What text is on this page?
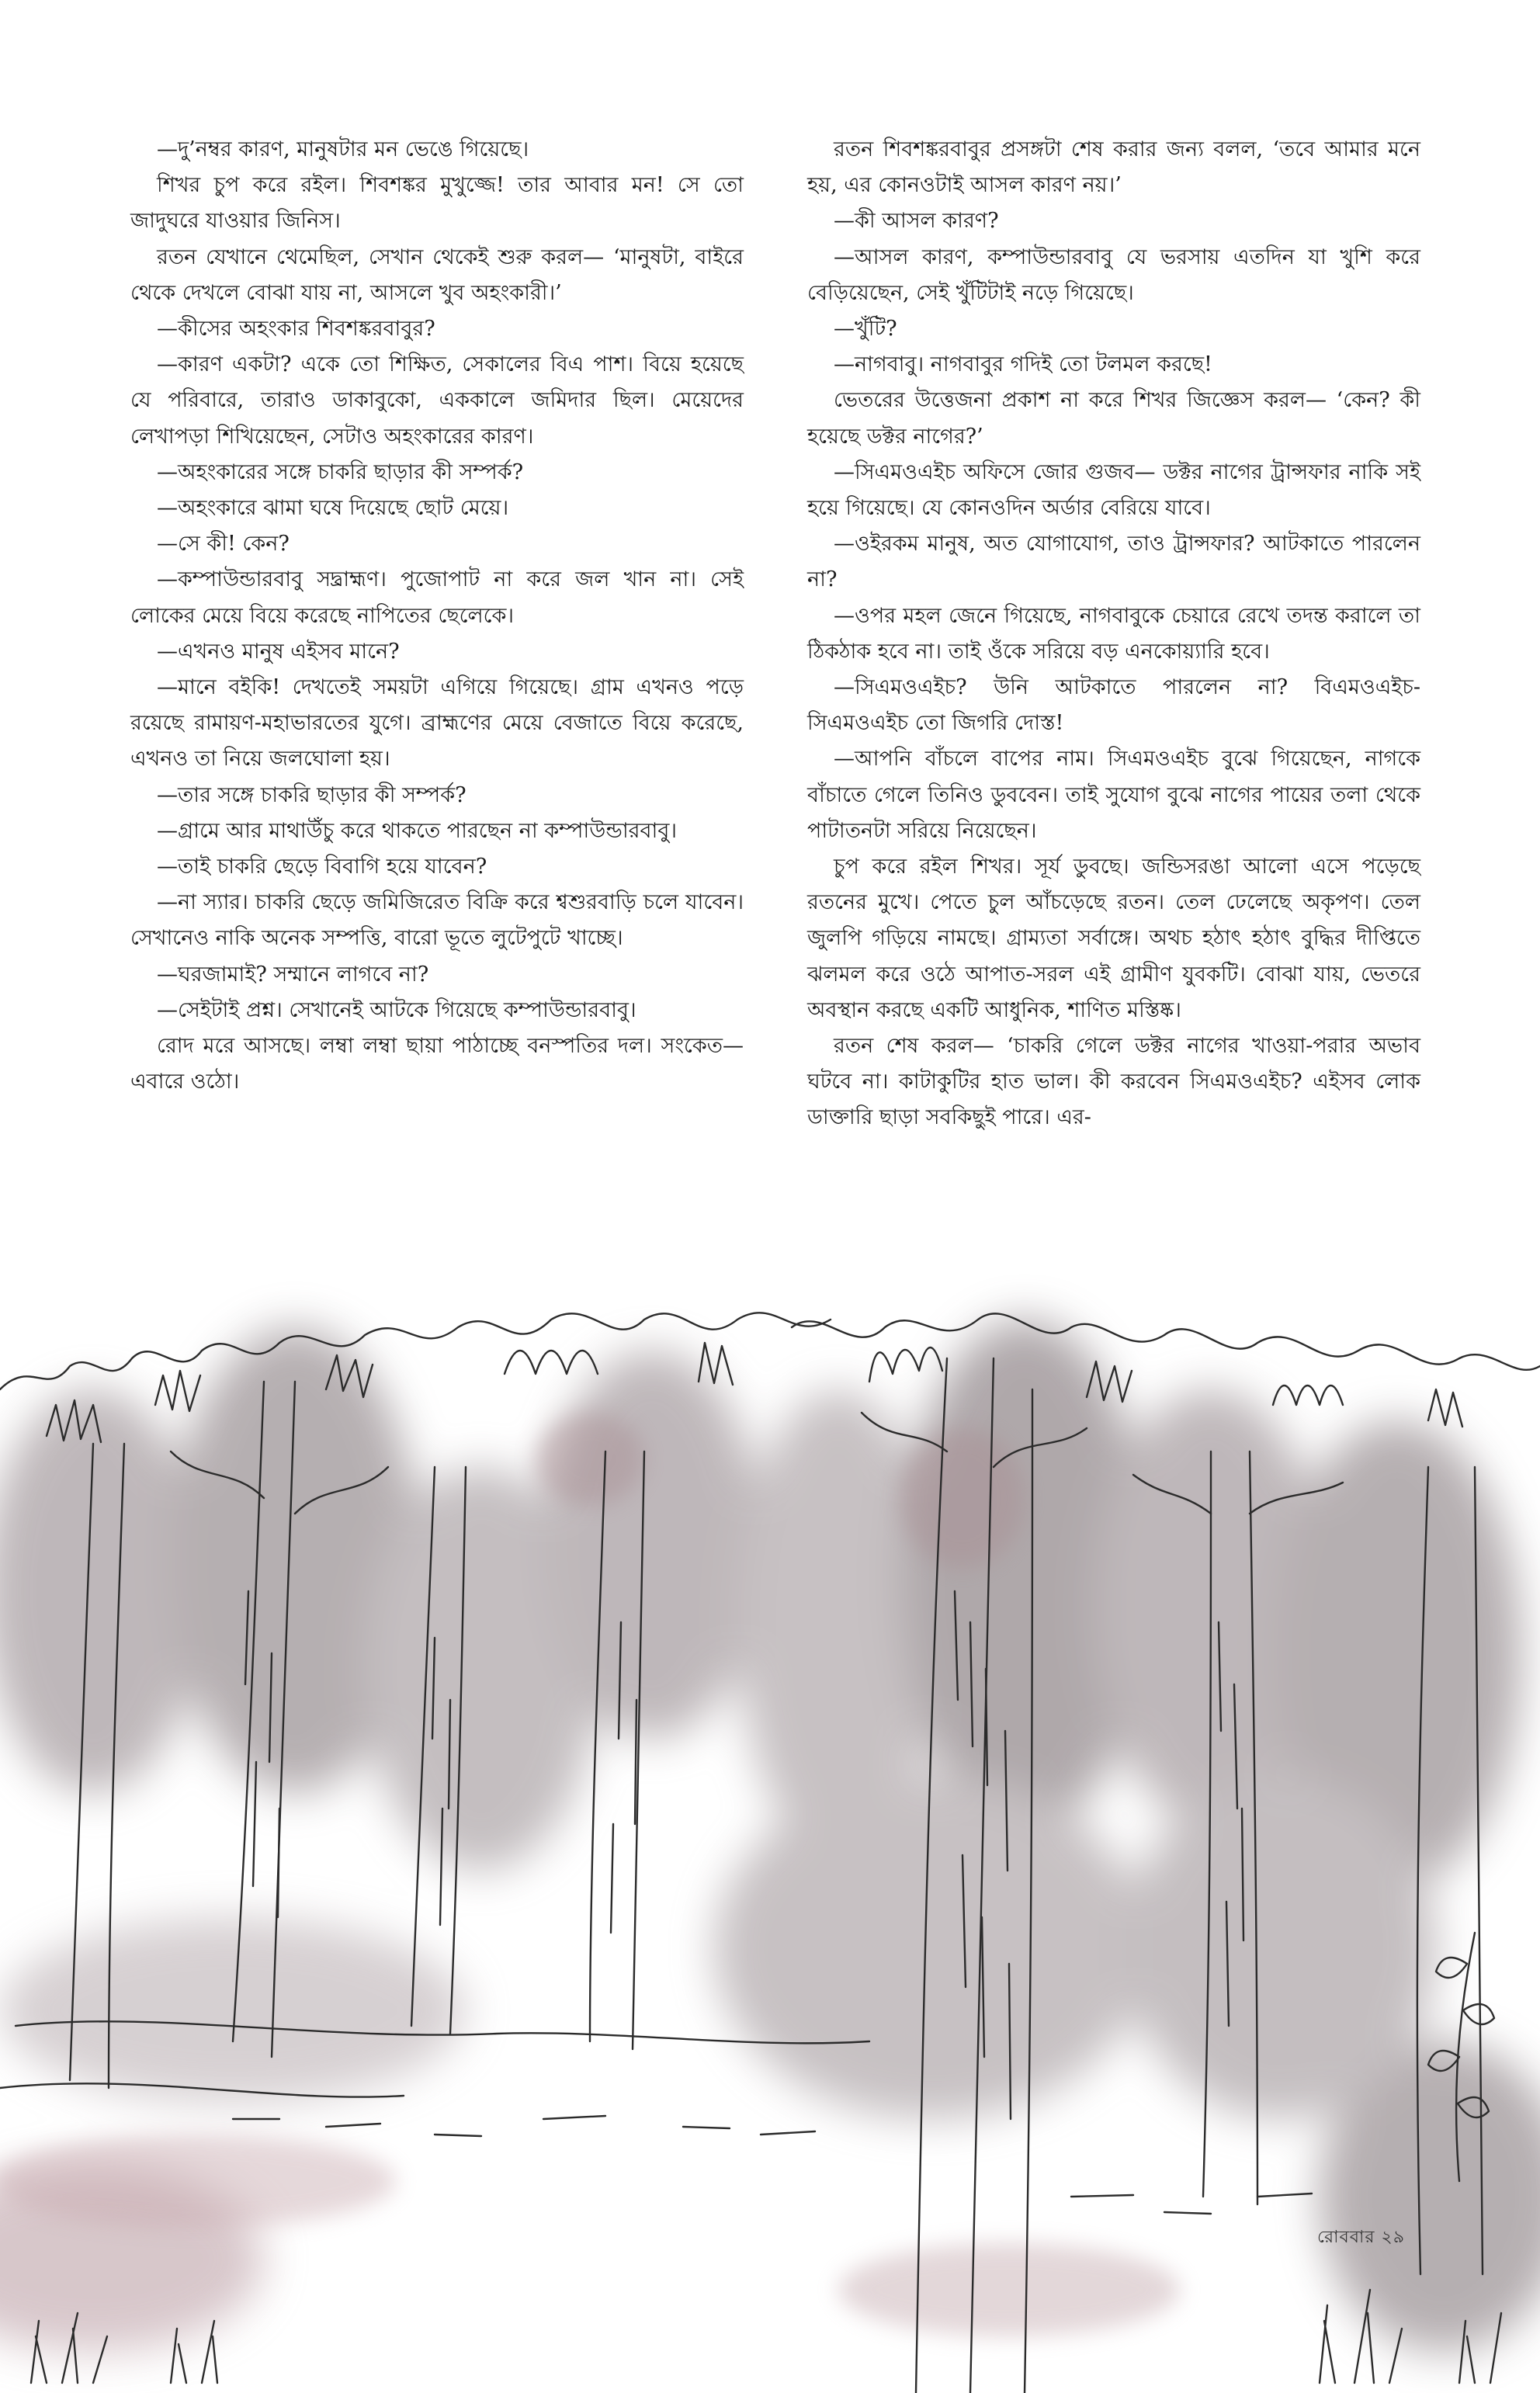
—দু’নম্বর কারণ, মানুষটার মন ভেঙে গিয়েছে।

শিখর চুপ করে রইল। শিবশঙ্কর মুখুজ্জে! তার আবার মন! সে তো জাদুঘরে যাওয়ার জিনিস।

রতন যেখানে থেমেছিল, সেখান থেকেই শুরু করল— ‘মানুষটা, বাইরে থেকে দেখলে বোঝা যায় না, আসলে খুব অহংকারী।’

—কীসের অহংকার শিবশঙ্করবাবুর?

—কারণ একটা? একে তো শিক্ষিত, সেকালের বিএ পাশ। বিয়ে হয়েছে যে পরিবারে, তারাও ডাকাবুকো, এককালে জমিদার ছিল। মেয়েদের লেখাপড়া শিখিয়েছেন, সেটাও অহংকারের কারণ।

—অহংকারের সঙ্গে চাকরি ছাড়ার কী সম্পর্ক?

—অহংকারে ঝামা ঘষে দিয়েছে ছোট মেয়ে।

—সে কী! কেন?

—কম্পাউন্ডারবাবু সদ্ব্রাহ্মণ। পুজোপাট না করে জল খান না। সেই লোকের মেয়ে বিয়ে করেছে নাপিতের ছেলেকে।

—এখনও মানুষ এইসব মানে?

—মানে বইকি! দেখতেই সময়টা এগিয়ে গিয়েছে। গ্রাম এখনও পড়ে রয়েছে রামায়ণ-মহাভারতের যুগে। ব্রাহ্মণের মেয়ে বেজাতে বিয়ে করেছে, এখনও তা নিয়ে জলঘোলা হয়।

—তার সঙ্গে চাকরি ছাড়ার কী সম্পর্ক?

—গ্রামে আর মাথাউঁচু করে থাকতে পারছেন না কম্পাউন্ডারবাবু।

—তাই চাকরি ছেড়ে বিবাগি হয়ে যাবেন?

—না স্যার। চাকরি ছেড়ে জমিজিরেত বিক্রি করে শ্বশুরবাড়ি চলে যাবেন। সেখানেও নাকি অনেক সম্পত্তি, বারো ভূতে লুটেপুটে খাচ্ছে।

—ঘরজামাই? সম্মানে লাগবে না?

—সেইটাই প্রশ্ন। সেখানেই আটকে গিয়েছে কম্পাউন্ডারবাবু।

রোদ মরে আসছে। লম্বা লম্বা ছায়া পাঠাচ্ছে বনস্পতির দল। সংকেত— এবারে ওঠো।

রতন শিবশঙ্করবাবুর প্রসঙ্গটা শেষ করার জন্য বলল, ‘তবে আমার মনে হয়, এর কোনওটাই আসল কারণ নয়।’

—কী আসল কারণ?

—আসল কারণ, কম্পাউন্ডারবাবু যে ভরসায় এতদিন যা খুশি করে বেড়িয়েছেন, সেই খুঁটিটাই নড়ে গিয়েছে।

—খুঁটি?

—নাগবাবু। নাগবাবুর গদিই তো টলমল করছে!

ভেতরের উত্তেজনা প্রকাশ না করে শিখর জিজ্ঞেস করল— ‘কেন? কী হয়েছে ডক্টর নাগের?’

—সিএমওএইচ অফিসে জোর গুজব— ডক্টর নাগের ট্রান্সফার নাকি সই হয়ে গিয়েছে। যে কোনওদিন অর্ডার বেরিয়ে যাবে।

—ওইরকম মানুষ, অত যোগাযোগ, তাও ট্রান্সফার? আটকাতে পারলেন না?

—ওপর মহল জেনে গিয়েছে, নাগবাবুকে চেয়ারে রেখে তদন্ত করালে তা ঠিকঠাক হবে না। তাই ওঁকে সরিয়ে বড় এনকোয়্যারি হবে।

—সিএমওএইচ? উনি আটকাতে পারলেন না? বিএমওএইচ-সিএমওএইচ তো জিগরি দোস্ত!

—আপনি বাঁচলে বাপের নাম। সিএমওএইচ বুঝে গিয়েছেন, নাগকে বাঁচাতে গেলে তিনিও ডুববেন। তাই সুযোগ বুঝে নাগের পায়ের তলা থেকে পাটাতনটা সরিয়ে নিয়েছেন।

চুপ করে রইল শিখর। সূর্য ডুবছে। জন্ডিসরঙা আলো এসে পড়েছে রতনের মুখে। পেতে চুল আঁচড়েছে রতন। তেল ঢেলেছে অকৃপণ। তেল জুলপি গড়িয়ে নামছে। গ্রাম্যতা সর্বাঙ্গে। অথচ হঠাৎ হঠাৎ বুদ্ধির দীপ্তিতে ঝলমল করে ওঠে আপাত-সরল এই গ্রামীণ যুবকটি। বোঝা যায়, ভেতরে অবস্থান করছে একটি আধুনিক, শাণিত মস্তিষ্ক।

রতন শেষ করল— ‘চাকরি গেলে ডক্টর নাগের খাওয়া-পরার অভাব ঘটবে না। কাটাকুটির হাত ভাল। কী করবেন সিএমওএইচ? এইসব লোক ডাক্তারি ছাড়া সবকিছুই পারে। এর-

রোববার ২৯
